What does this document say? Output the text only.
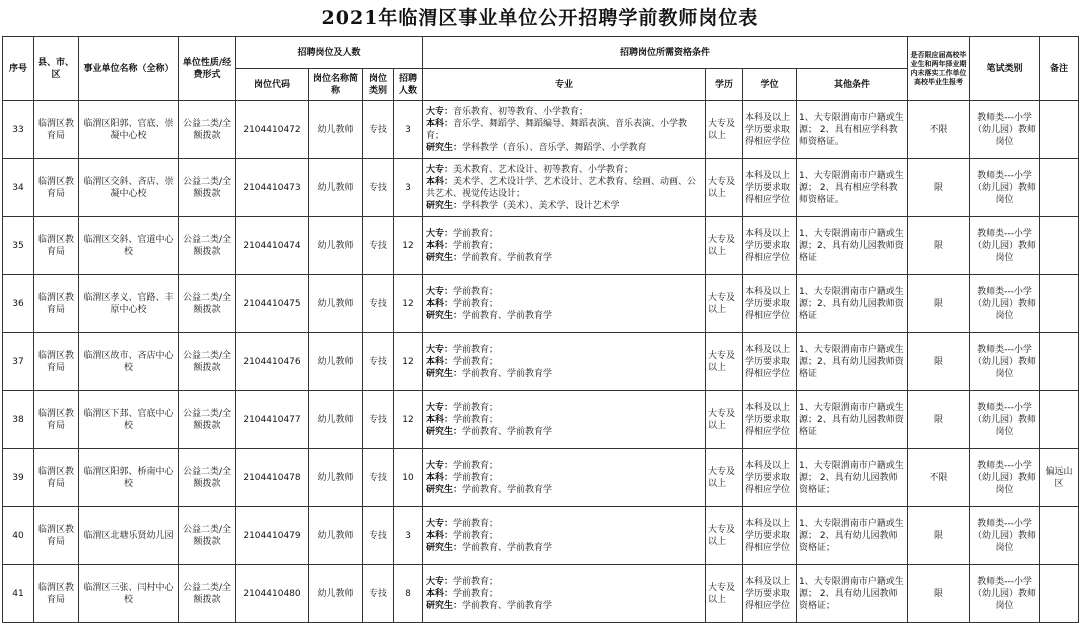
2021年临渭区事业单位公开招聘学前教师岗位表
序号	县、市、区	事业单位名称（全称）	单位性质/经费形式	招聘岗位及人数				招聘岗位所需资格条件				是否限应届高校毕业生和两年择业期内未落实工作单位高校毕业生报考	笔试类别	备注
				岗位代码	岗位名称简称	岗位类别	招聘人数	专业	学历	学位	其他条件			
33	临渭区教育局	临渭区阳郭、官底、崇凝中心校	公益二类/全额拨款	2104410472	幼儿教师	专技	3	大专：音乐教育、初等教育、小学教育；
本科：音乐学、舞蹈学、舞蹈编导、舞蹈表演、音乐表演、小学教育；
研究生：学科教学（音乐）、音乐学、舞蹈学、小学教育	大专及以上	本科及以上学历要求取得相应学位	1、大专限渭南市户籍或生源； 2、具有相应学科教师资格证。	不限	教师类---小学（幼儿园）教师岗位	
34	临渭区教育局	临渭区交斜、吝店、崇凝中心校	公益二类/全额拨款	2104410473	幼儿教师	专技	3	大专：美术教育、艺术设计、初等教育、小学教育；
本科：美术学、艺术设计学、艺术设计、艺术教育、绘画、动画、公共艺术、视觉传达设计；
研究生：学科教学（美术）、美术学、设计艺术学	大专及以上	本科及以上学历要求取得相应学位	1、大专限渭南市户籍或生源； 2、具有相应学科教师资格证。	限	教师类---小学（幼儿园）教师岗位	
35	临渭区教育局	临渭区交斜、官道中心校	公益二类/全额拨款	2104410474	幼儿教师	专技	12	大专：学前教育；
本科：学前教育；
研究生：学前教育、学前教育学	大专及以上	本科及以上学历要求取得相应学位	1、大专限渭南市户籍或生源；2、具有幼儿园教师资格证	限	教师类---小学（幼儿园）教师岗位	
36	临渭区教育局	临渭区孝义、官路、丰原中心校	公益二类/全额拨款	2104410475	幼儿教师	专技	12	大专：学前教育；
本科：学前教育；
研究生：学前教育、学前教育学	大专及以上	本科及以上学历要求取得相应学位	1、大专限渭南市户籍或生源；2、具有幼儿园教师资格证	限	教师类---小学（幼儿园）教师岗位	
37	临渭区教育局	临渭区故市、吝店中心校	公益二类/全额拨款	2104410476	幼儿教师	专技	12	大专：学前教育；
本科：学前教育；
研究生：学前教育、学前教育学	大专及以上	本科及以上学历要求取得相应学位	1、大专限渭南市户籍或生源；2、具有幼儿园教师资格证	限	教师类---小学（幼儿园）教师岗位	
38	临渭区教育局	临渭区下邽、官底中心校	公益二类/全额拨款	2104410477	幼儿教师	专技	12	大专：学前教育；
本科：学前教育；
研究生：学前教育、学前教育学	大专及以上	本科及以上学历要求取得相应学位	1、大专限渭南市户籍或生源；2、具有幼儿园教师资格证	限	教师类---小学（幼儿园）教师岗位	
39	临渭区教育局	临渭区阳郭、桥南中心校	公益二类/全额拨款	2104410478	幼儿教师	专技	10	大专：学前教育；
本科：学前教育；
研究生：学前教育、学前教育学	大专及以上	本科及以上学历要求取得相应学位	1、大专限渭南市户籍或生源； 2、具有幼儿园教师资格证；	不限	教师类---小学（幼儿园）教师岗位	偏远山区
40	临渭区教育局	临渭区北塘乐贤幼儿园	公益二类/全额拨款	2104410479	幼儿教师	专技	3	大专：学前教育；
本科：学前教育；
研究生：学前教育、学前教育学	大专及以上	本科及以上学历要求取得相应学位	1、大专限渭南市户籍或生源； 2、具有幼儿园教师资格证；	限	教师类---小学（幼儿园）教师岗位	
41	临渭区教育局	临渭区三张、闫村中心校	公益二类/全额拨款	2104410480	幼儿教师	专技	8	大专：学前教育；
本科：学前教育；
研究生：学前教育、学前教育学	大专及以上	本科及以上学历要求取得相应学位	1、大专限渭南市户籍或生源； 2、具有幼儿园教师资格证；	限	教师类---小学（幼儿园）教师岗位	
